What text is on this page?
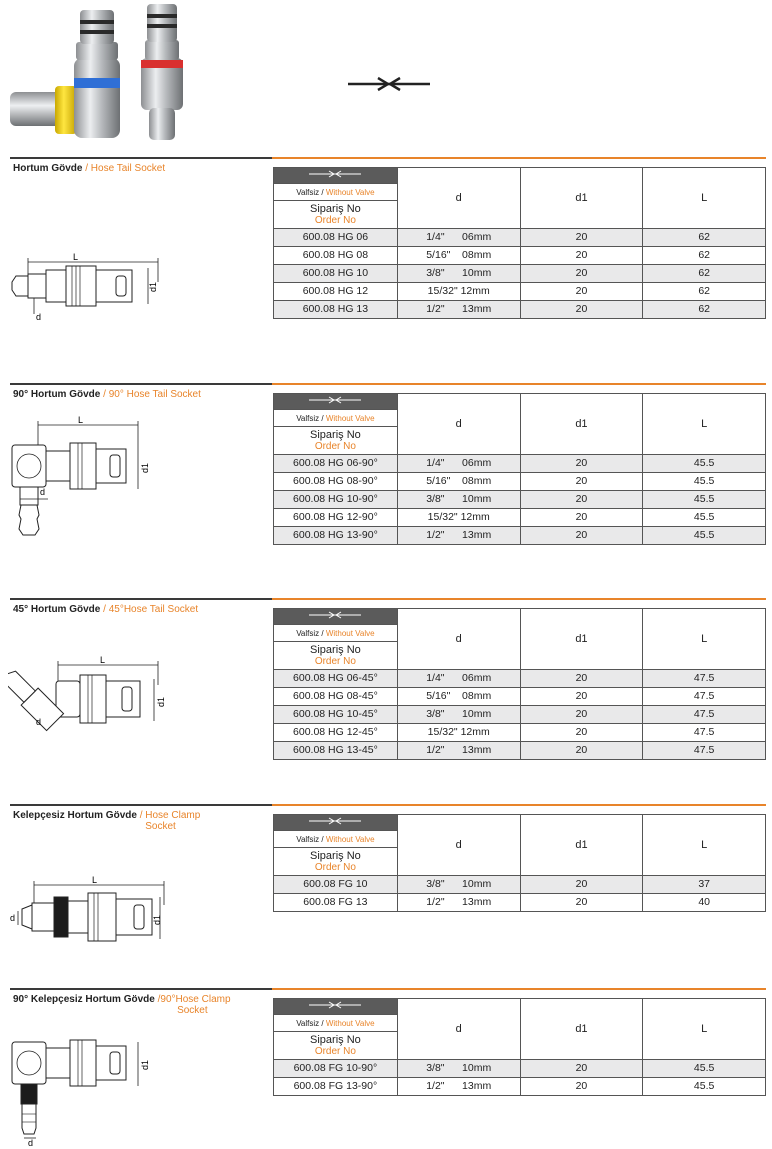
Hortum Gövde / Hose Tail Socket
L
d1
d
	d	d1	L
Valfsiz / Without Valve			

Sipariş No
Order No			

600.08 HG 06	1/4"      06mm	20	62
600.08 HG 08	5/16"    08mm	20	62
600.08 HG 10	3/8"      10mm	20	62
600.08 HG 12	15/32" 12mm	20	62
600.08 HG 13	1/2"      13mm	20	62
90° Hortum Gövde / 90° Hose Tail Socket
L
d1
d
	d	d1	L
Valfsiz / Without Valve			

Sipariş No
Order No			

600.08 HG 06-90°	1/4"      06mm	20	45.5
600.08 HG 08-90°	5/16"    08mm	20	45.5
600.08 HG 10-90°	3/8"      10mm	20	45.5
600.08 HG 12-90°	15/32" 12mm	20	45.5
600.08 HG 13-90°	1/2"      13mm	20	45.5
45° Hortum Gövde / 45°Hose Tail Socket
L
d1
d
	d	d1	L
Valfsiz / Without Valve			

Sipariş No
Order No			

600.08 HG 06-45°	1/4"      06mm	20	47.5
600.08 HG 08-45°	5/16"    08mm	20	47.5
600.08 HG 10-45°	3/8"      10mm	20	47.5
600.08 HG 12-45°	15/32" 12mm	20	47.5
600.08 HG 13-45°	1/2"      13mm	20	47.5
Kelepçesiz Hortum Gövde / Hose Clamp
Socket
L
d1
d
	d	d1	L
Valfsiz / Without Valve			

Sipariş No
Order No			

600.08 FG 10	3/8"      10mm	20	37
600.08 FG 13	1/2"      13mm	20	40
90° Kelepçesiz Hortum Gövde /90°Hose Clamp
Socket
d1
d
	d	d1	L
Valfsiz / Without Valve			

Sipariş No
Order No			

600.08 FG 10-90°	3/8"      10mm	20	45.5
600.08 FG 13-90°	1/2"      13mm	20	45.5
